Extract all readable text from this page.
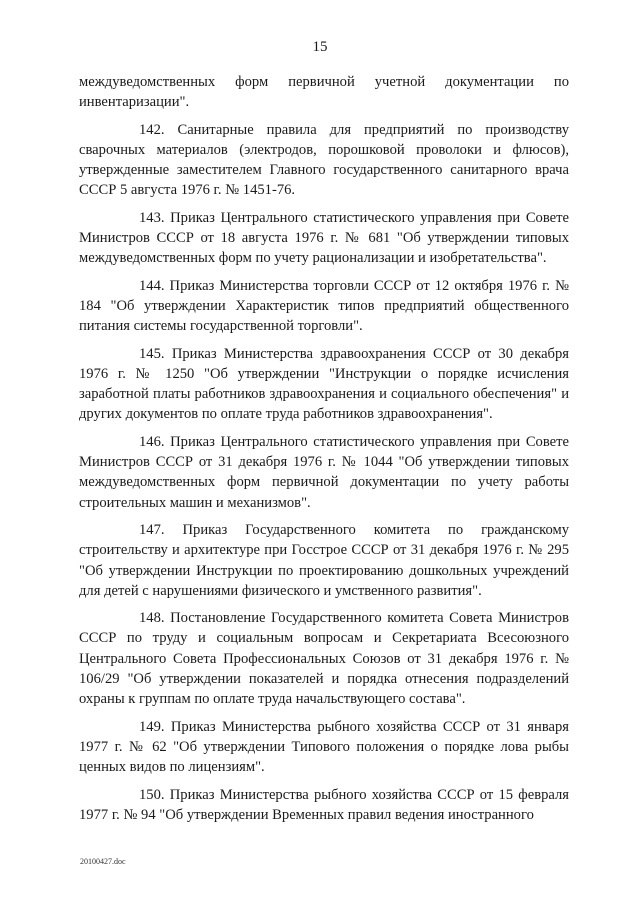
15

междуведомственных форм первичной учетной документации по инвентаризации".

142. Санитарные правила для предприятий по производству сварочных материалов (электродов, порошковой проволоки и флюсов), утвержденные заместителем Главного государственного санитарного врача СССР 5 августа 1976 г. № 1451-76.

143. Приказ Центрального статистического управления при Совете Министров СССР от 18 августа 1976 г. № 681 "Об утверждении типовых междуведомственных форм по учету рационализации и изобретательства".

144. Приказ Министерства торговли СССР от 12 октября 1976 г. № 184 "Об утверждении Характеристик типов предприятий общественного питания системы государственной торговли".

145. Приказ Министерства здравоохранения СССР от 30 декабря 1976 г. № 1250 "Об утверждении "Инструкции о порядке исчисления заработной платы работников здравоохранения и социального обеспечения" и других документов по оплате труда работников здравоохранения".

146. Приказ Центрального статистического управления при Совете Министров СССР от 31 декабря 1976 г. № 1044 "Об утверждении типовых междуведомственных форм первичной документации по учету работы строительных машин и механизмов".

147. Приказ Государственного комитета по гражданскому строительству и архитектуре при Госстрое СССР от 31 декабря 1976 г. № 295 "Об утверждении Инструкции по проектированию дошкольных учреждений для детей с нарушениями физического и умственного развития".

148. Постановление Государственного комитета Совета Министров СССР по труду и социальным вопросам и Секретариата Всесоюзного Центрального Совета Профессиональных Союзов от 31 декабря 1976 г. № 106/29 "Об утверждении показателей и порядка отнесения подразделений охраны к группам по оплате труда начальствующего состава".

149. Приказ Министерства рыбного хозяйства СССР от 31 января 1977 г. № 62 "Об утверждении Типового положения о порядке лова рыбы ценных видов по лицензиям".

150. Приказ Министерства рыбного хозяйства СССР от 15 февраля 1977 г. № 94 "Об утверждении Временных правил ведения иностранного

20100427.doc
